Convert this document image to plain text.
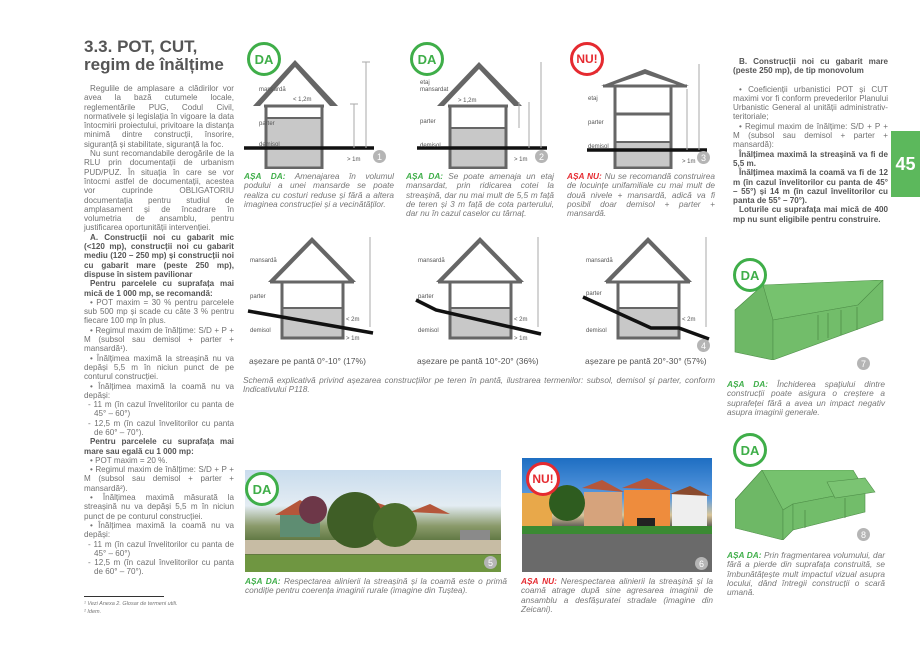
3.3. POT, CUT, regim de înălțime

Regulile de amplasare a clădirilor vor avea la bază cutumele locale, reglementările PUG, Codul Civil, normativele și legislația în vigoare la data întocmirii proiectului, privitoare la distanța minimă dintre construcții, însorire, siguranță și stabilitate, siguranță la foc.

Nu sunt recomandabile derogările de la RLU prin documentații de urbanism PUD/PUZ. În situația în care se vor întocmi astfel de documentații, acestea vor cuprinde OBLIGATORIU documentația pentru studiul de amplasament și de încadrare în volumetria de ansamblu, pentru justificarea oportunității intervenției.

A. Construcții noi cu gabarit mic (<120 mp), construcții noi cu gabarit mediu (120 – 250 mp) și construcții noi cu gabarit mare (peste 250 mp), dispuse în sistem pavilionar

Pentru parcelele cu suprafața mai mică de 1 000 mp, se recomandă:

• POT maxim = 30 % pentru parcelele sub 500 mp și scade cu câte 3 % pentru fiecare 100 mp în plus.

• Regimul maxim de înălțime: S/D + P + M (subsol sau demisol + parter + mansardă¹).

• Înălțimea maximă la streașină nu va depăși 5,5 m în niciun punct de pe conturul construcției.

• Înălțimea maximă la coamă nu va depăși:

- 11 m (în cazul învelitorilor cu panta de 45° – 60°)

- 12,5 m (în cazul învelitorilor cu panta de 60° – 70°).

Pentru parcelele cu suprafața mai mare sau egală cu 1 000 mp:

• POT maxim = 20 %.

• Regimul maxim de înălțime: S/D + P + M (subsol sau demisol + parter + mansardă²).

• Înălțimea maximă măsurată la streașină nu va depăși 5,5 m în niciun punct de pe conturul construcției.

• Înălțimea maximă la coamă nu va depăși:

- 11 m (în cazul învelitorilor cu panta de 45° – 60°)

- 12,5 m (în cazul învelitorilor cu panta de 60° – 70°).

¹ Vezi Anexa 2. Glosar de termeni utili.
² Idem.
mansardă
parter
demisol
< 1,2m
> 1m
DA
1
AȘA DA: Amenajarea în volumul podului a unei mansarde se poate realiza cu costuri reduse și fără a altera imaginea construcției și a vecinătăților.
etaj mansardat
parter
demisol
> 1,2m
> 1m
DA
2
AȘA DA: Se poate amenaja un etaj mansardat, prin ridicarea cotei la streașină, dar nu mai mult de 5,5 m față de teren și 3 m față de cota parterului, dar nu în cazul caselor cu târnaț.
etaj
parter
demisol
> 1m
NU!
3
AȘA NU: Nu se recomandă construirea de locuințe unifamiliale cu mai mult de două nivele + mansardă, adică va fi posibil doar demisol + parter + mansardă.
mansardă
parter
demisol
< 2m
> 1m
mansardă
parter
demisol
< 2m
> 1m
mansardă
parter
demisol
< 2m
4
așezare pe pantă 0°-10° (17%)	așezare pe pantă 10°-20° (36%)	așezare pe pantă 20°-30° (57%)
Schemă explicativă privind așezarea construcțiilor pe teren în pantă, ilustrarea termenilor: subsol, demisol și parter, conform Indicativului P118.
DA
5
AȘA DA: Respectarea alinierii la streașină și la coamă este o primă condiție pentru coerența imaginii rurale (imagine din Tuștea).
NU!
6
AȘA NU: Nerespectarea alinierii la streașină și la coamă atrage după sine agresarea imaginii de ansamblu a desfășuratei stradale (imagine din Zeicani).

B. Construcții noi cu gabarit mare (peste 250 mp), de tip monovolum

• Coeficienții urbanistici POT și CUT maximi vor fi conform prevederilor Planului Urbanistic General al unității administrativ-teritoriale;

• Regimul maxim de înălțime: S/D + P + M (subsol sau demisol + parter + mansardă):

Înălțimea maximă la streașină va fi de 5,5 m.

Înălțimea maximă la coamă va fi de 12 m (în cazul învelitorilor cu panta de 45° – 55°) și 14 m (în cazul învelitorilor cu panta de 55° – 70°).

Loturile cu suprafața mai mică de 400 mp nu sunt eligibile pentru construire.

45
DA
7
AȘA DA: Închiderea spațiului dintre construcții poate asigura o creștere a suprafeței fără a avea un impact negativ asupra imaginii generale.
DA
8
AȘA DA: Prin fragmentarea volumului, dar fără a pierde din suprafața construită, se îmbunătățește mult impactul vizual asupra locului, dând întregii construcții o scară umană.
